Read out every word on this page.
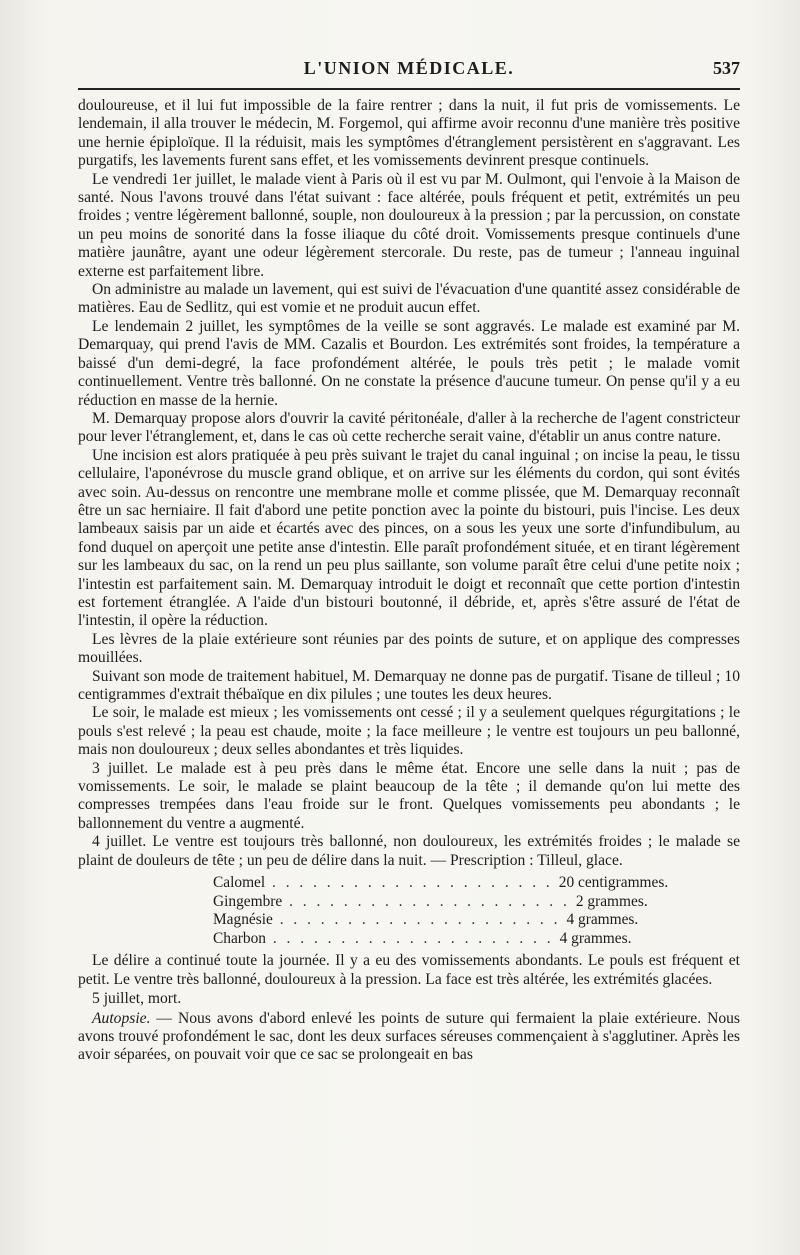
L'UNION MÉDICALE.	537

douloureuse, et il lui fut impossible de la faire rentrer ; dans la nuit, il fut pris de vomissements. Le lendemain, il alla trouver le médecin, M. Forgemol, qui affirme avoir reconnu d'une manière très positive une hernie épiploïque. Il la réduisit, mais les symptômes d'étranglement persistèrent en s'aggravant. Les purgatifs, les lavements furent sans effet, et les vomissements devinrent presque continuels.

Le vendredi 1er juillet, le malade vient à Paris où il est vu par M. Oulmont, qui l'envoie à la Maison de santé. Nous l'avons trouvé dans l'état suivant : face altérée, pouls fréquent et petit, extrémités un peu froides ; ventre légèrement ballonné, souple, non douloureux à la pression ; par la percussion, on constate un peu moins de sonorité dans la fosse iliaque du côté droit. Vomissements presque continuels d'une matière jaunâtre, ayant une odeur légèrement stercorale. Du reste, pas de tumeur ; l'anneau inguinal externe est parfaitement libre.

On administre au malade un lavement, qui est suivi de l'évacuation d'une quantité assez considérable de matières. Eau de Sedlitz, qui est vomie et ne produit aucun effet.

Le lendemain 2 juillet, les symptômes de la veille se sont aggravés. Le malade est examiné par M. Demarquay, qui prend l'avis de MM. Cazalis et Bourdon. Les extrémités sont froides, la température a baissé d'un demi-degré, la face profondément altérée, le pouls très petit ; le malade vomit continuellement. Ventre très ballonné. On ne constate la présence d'aucune tumeur. On pense qu'il y a eu réduction en masse de la hernie.

M. Demarquay propose alors d'ouvrir la cavité péritonéale, d'aller à la recherche de l'agent constricteur pour lever l'étranglement, et, dans le cas où cette recherche serait vaine, d'établir un anus contre nature.

Une incision est alors pratiquée à peu près suivant le trajet du canal inguinal ; on incise la peau, le tissu cellulaire, l'aponévrose du muscle grand oblique, et on arrive sur les éléments du cordon, qui sont évités avec soin. Au-dessus on rencontre une membrane molle et comme plissée, que M. Demarquay reconnaît être un sac herniaire. Il fait d'abord une petite ponction avec la pointe du bistouri, puis l'incise. Les deux lambeaux saisis par un aide et écartés avec des pinces, on a sous les yeux une sorte d'infundibulum, au fond duquel on aperçoit une petite anse d'intestin. Elle paraît profondément située, et en tirant légèrement sur les lambeaux du sac, on la rend un peu plus saillante, son volume paraît être celui d'une petite noix ; l'intestin est parfaitement sain. M. Demarquay introduit le doigt et reconnaît que cette portion d'intestin est fortement étranglée. A l'aide d'un bistouri boutonné, il débride, et, après s'être assuré de l'état de l'intestin, il opère la réduction.

Les lèvres de la plaie extérieure sont réunies par des points de suture, et on applique des compresses mouillées.

Suivant son mode de traitement habituel, M. Demarquay ne donne pas de purgatif. Tisane de tilleul ; 10 centigrammes d'extrait thébaïque en dix pilules ; une toutes les deux heures.

Le soir, le malade est mieux ; les vomissements ont cessé ; il y a seulement quelques régurgitations ; le pouls s'est relevé ; la peau est chaude, moite ; la face meilleure ; le ventre est toujours un peu ballonné, mais non douloureux ; deux selles abondantes et très liquides.

3 juillet. Le malade est à peu près dans le même état. Encore une selle dans la nuit ; pas de vomissements. Le soir, le malade se plaint beaucoup de la tête ; il demande qu'on lui mette des compresses trempées dans l'eau froide sur le front. Quelques vomissements peu abondants ; le ballonnement du ventre a augmenté.

4 juillet. Le ventre est toujours très ballonné, non douloureux, les extrémités froides ; le malade se plaint de douleurs de tête ; un peu de délire dans la nuit. — Prescription : Tilleul, glace.

Calomel . . . . . . . . . . . . . . . . . . . . . 20 centigrammes.
Gingembre . . . . . . . . . . . . . . . . . . . . . 2 grammes.
Magnésie . . . . . . . . . . . . . . . . . . . . . 4 grammes.
Charbon . . . . . . . . . . . . . . . . . . . . . 4 grammes.

Le délire a continué toute la journée. Il y a eu des vomissements abondants. Le pouls est fréquent et petit. Le ventre très ballonné, douloureux à la pression. La face est très altérée, les extrémités glacées.

5 juillet, mort.

Autopsie. — Nous avons d'abord enlevé les points de suture qui fermaient la plaie extérieure. Nous avons trouvé profondément le sac, dont les deux surfaces séreuses commençaient à s'agglutiner. Après les avoir séparées, on pouvait voir que ce sac se prolongeait en bas
